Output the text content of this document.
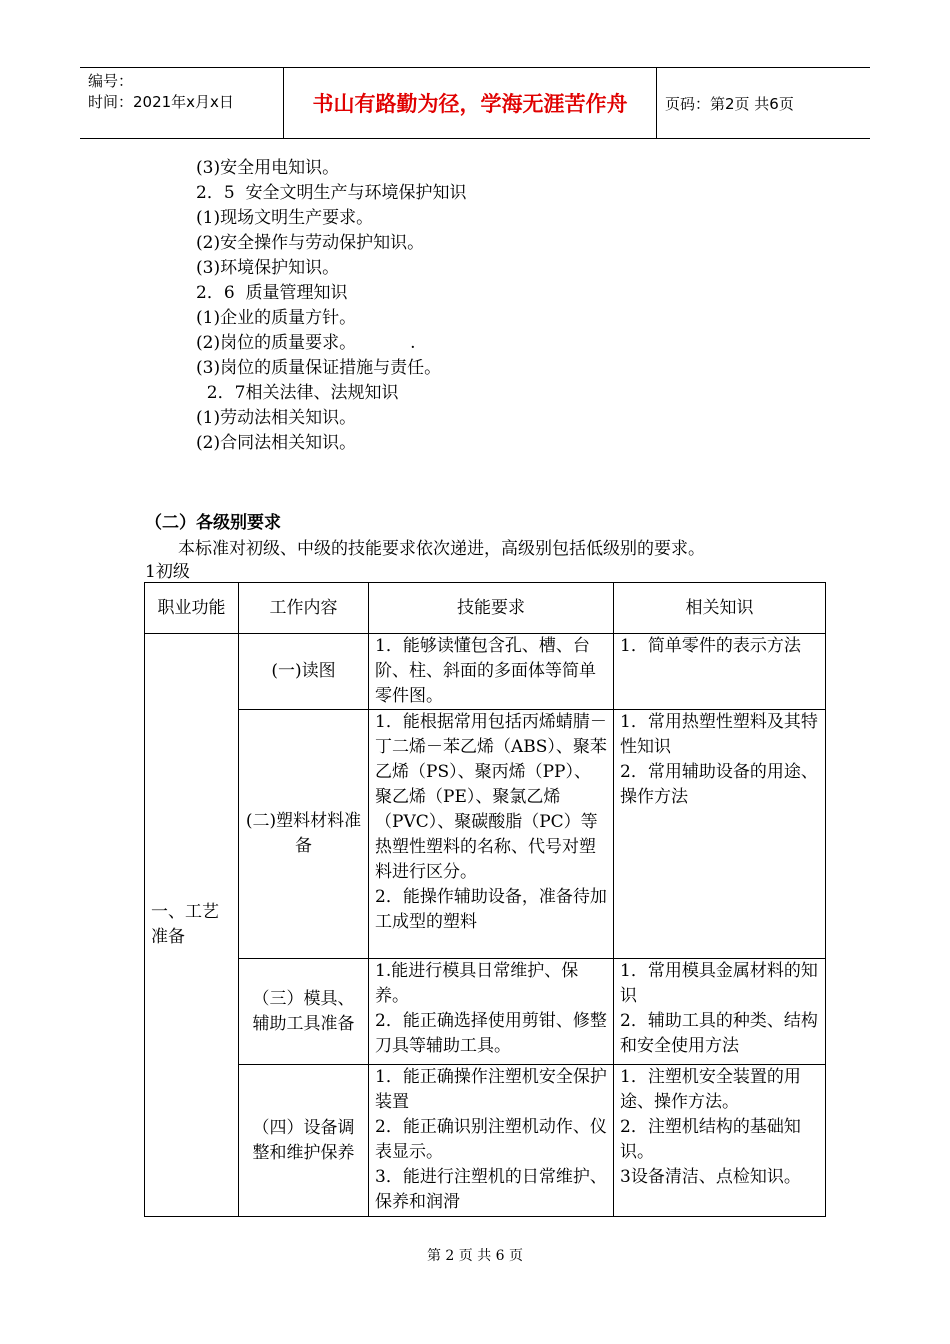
编号：
时间：2021年x月x日	书山有路勤为径，学海无涯苦作舟	页码：第2页 共6页
(3)安全用电知识。
2．5  安全文明生产与环境保护知识
(1)现场文明生产要求。
(2)安全操作与劳动保护知识。
(3)环境保护知识。
2．6  质量管理知识
(1)企业的质量方针。
(2)岗位的质量要求。          .
(3)岗位的质量保证措施与责任。
2．7相关法律、法规知识
(1)劳动法相关知识。
(2)合同法相关知识。
（二）各级别要求
本标准对初级、中级的技能要求依次递进，高级别包括低级别的要求。
1初级
职业功能	工作内容	技能要求	相关知识
一、工艺准备	(一)读图	1．能够读懂包含孔、槽、台阶、柱、斜面的多面体等简单零件图。	1．简单零件的表示方法
	(二)塑料材料准备	1．能根据常用包括丙烯蜻腈－丁二烯－苯乙烯（ABS）、聚苯乙烯（PS）、聚丙烯（PP）、聚乙烯（PE）、聚氯乙烯（PVC）、聚碳酸脂（PC）等热塑性塑料的名称、代号对塑料进行区分。
2．能操作辅助设备，准备待加工成型的塑料	1．常用热塑性塑料及其特性知识
2．常用辅助设备的用途、操作方法
	（三）模具、辅助工具准备	1.能进行模具日常维护、保养。
2．能正确选择使用剪钳、修整刀具等辅助工具。	1．常用模具金属材料的知识
2．辅助工具的种类、结构和安全使用方法
	（四）设备调整和维护保养	1．能正确操作注塑机安全保护装置
2．能正确识别注塑机动作、仪表显示。
3．能进行注塑机的日常维护、保养和润滑	1．注塑机安全装置的用途、操作方法。
2．注塑机结构的基础知识。
3设备清洁、点检知识。
第 2 页 共 6 页
